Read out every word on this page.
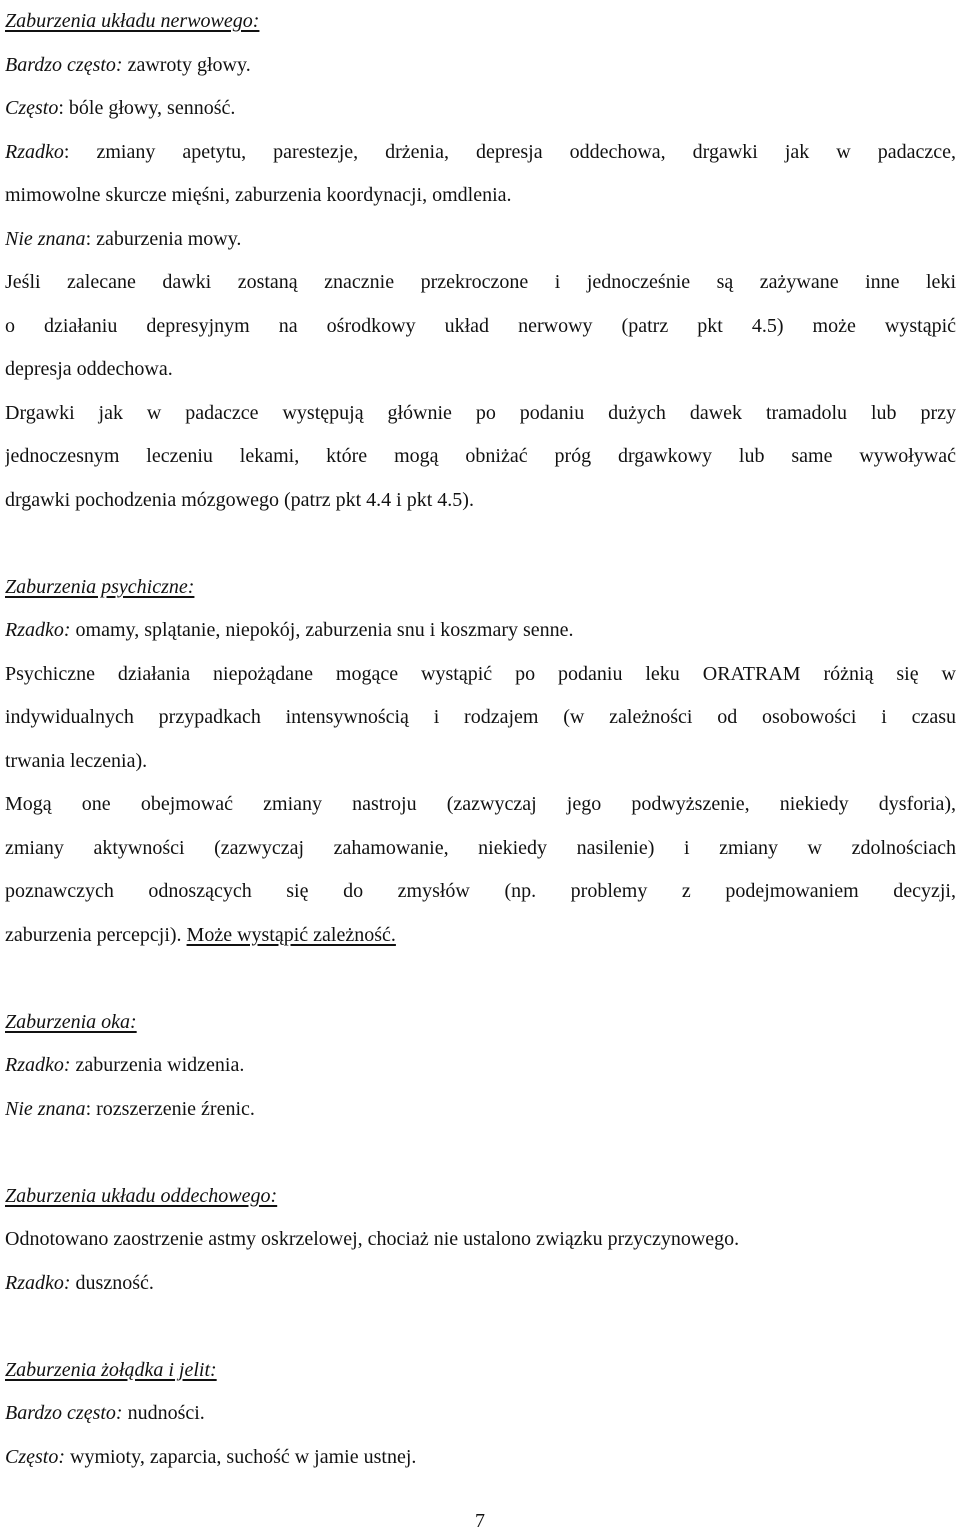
Zaburzenia układu nerwowego:
Bardzo często: zawroty głowy.
Często: bóle głowy, senność.
Rzadko: zmiany apetytu, parestezje, drżenia, depresja oddechowa, drgawki jak w padaczce,
mimowolne skurcze mięśni, zaburzenia koordynacji, omdlenia.
Nie znana: zaburzenia mowy.
Jeśli zalecane dawki zostaną znacznie przekroczone i jednocześnie są zażywane inne leki
o działaniu depresyjnym na ośrodkowy układ nerwowy (patrz pkt 4.5) może wystąpić
depresja oddechowa.
Drgawki jak w padaczce występują głównie po podaniu dużych dawek tramadolu lub przy
jednoczesnym leczeniu lekami, które mogą obniżać próg drgawkowy lub same wywoływać
drgawki pochodzenia mózgowego (patrz pkt 4.4 i pkt 4.5).
Zaburzenia psychiczne:
Rzadko: omamy, splątanie, niepokój, zaburzenia snu i koszmary senne.
Psychiczne działania niepożądane mogące wystąpić po podaniu leku ORATRAM różnią się w
indywidualnych przypadkach intensywnością i rodzajem (w zależności od osobowości i czasu
trwania leczenia).
Mogą one obejmować zmiany nastroju (zazwyczaj jego podwyższenie, niekiedy dysforia),
zmiany aktywności (zazwyczaj zahamowanie, niekiedy nasilenie) i zmiany w zdolnościach
poznawczych odnoszących się do zmysłów (np. problemy z podejmowaniem decyzji,
zaburzenia percepcji). Może wystąpić zależność.
Zaburzenia oka:
Rzadko: zaburzenia widzenia.
Nie znana: rozszerzenie źrenic.
Zaburzenia układu oddechowego:
Odnotowano zaostrzenie astmy oskrzelowej, chociaż nie ustalono związku przyczynowego.
Rzadko: duszność.
Zaburzenia żołądka i jelit:
Bardzo często: nudności.
Często: wymioty, zaparcia, suchość w jamie ustnej.
7
